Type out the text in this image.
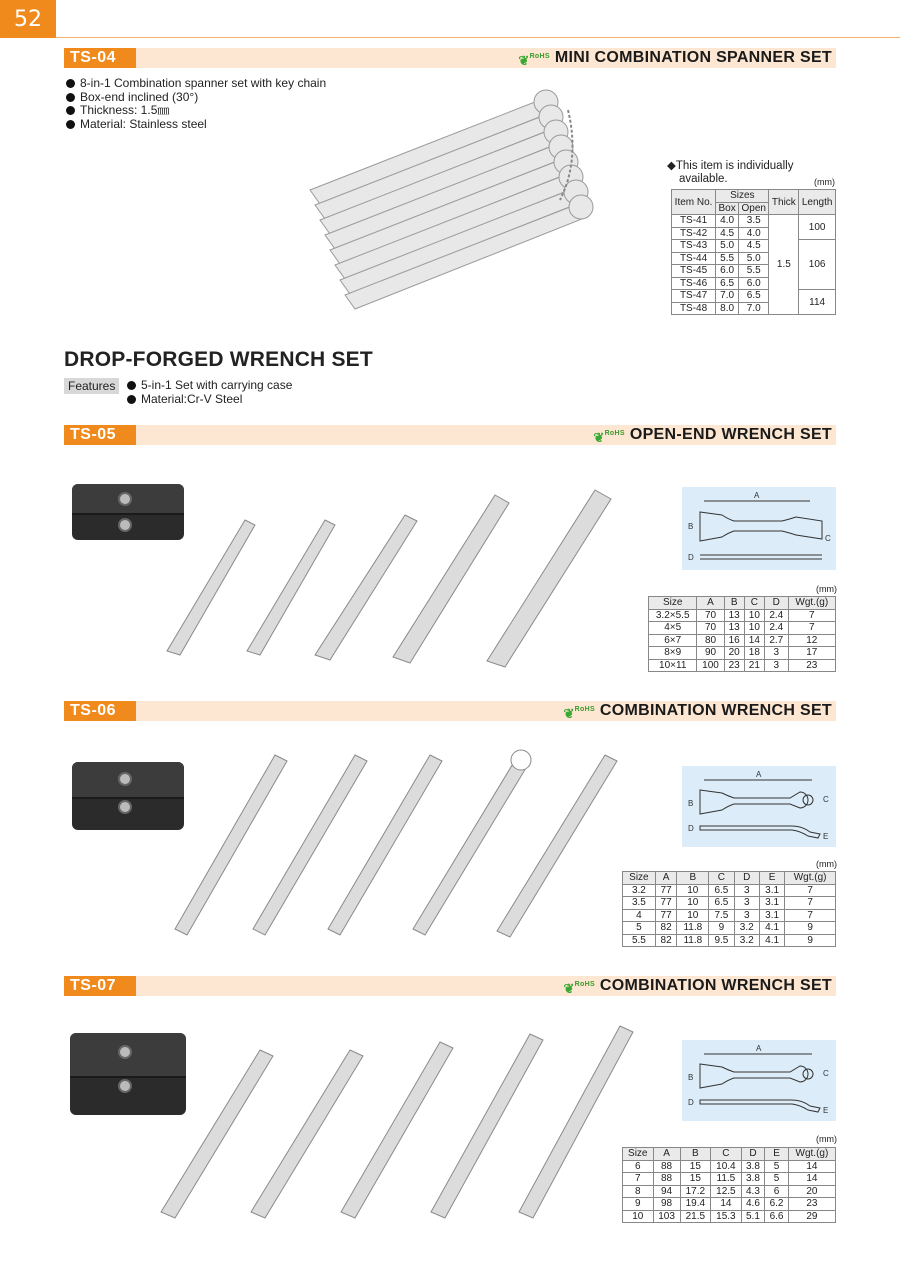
52
TS-04	❦ RoHS MINI COMBINATION SPANNER SET
8-in-1 Combination spanner set with key chain
Box-end inclined (30°)
Thickness: 1.5㎜
Material: Stainless steel
◆This item is individually
available.	(mm)
Item No.	Sizes		Thick	Length
	Box	Open		
TS-41	4.0	3.5	1.5	100
TS-42	4.5	4.0		
TS-43	5.0	4.5		106
TS-44	5.5	5.0		
TS-45	6.0	5.5		
TS-46	6.5	6.0		
TS-47	7.0	6.5		114
TS-48	8.0	7.0		
DROP-FORGED WRENCH SET
Features	5-in-1 Set with carrying case
Material:Cr-V Steel
TS-05	❦ RoHS OPEN-END WRENCH SET
A
B
C
D
(mm)
Size	A	B	C	D	Wgt.(g)
3.2×5.5	70	13	10	2.4	7
4×5	70	13	10	2.4	7
6×7	80	16	14	2.7	12
8×9	90	20	18	3	17
10×11	100	23	21	3	23
TS-06	❦ RoHS COMBINATION WRENCH SET
A
B	C
D
E
(mm)
Size	A	B	C	D	E	Wgt.(g)
3.2	77	10	6.5	3	3.1	7
3.5	77	10	6.5	3	3.1	7
4	77	10	7.5	3	3.1	7
5	82	11.8	9	3.2	4.1	9
5.5	82	11.8	9.5	3.2	4.1	9
TS-07	❦ RoHS COMBINATION WRENCH SET
A
B	C
D
E
(mm)
Size	A	B	C	D	E	Wgt.(g)
6	88	15	10.4	3.8	5	14
7	88	15	11.5	3.8	5	14
8	94	17.2	12.5	4.3	6	20
9	98	19.4	14	4.6	6.2	23
10	103	21.5	15.3	5.1	6.6	29
